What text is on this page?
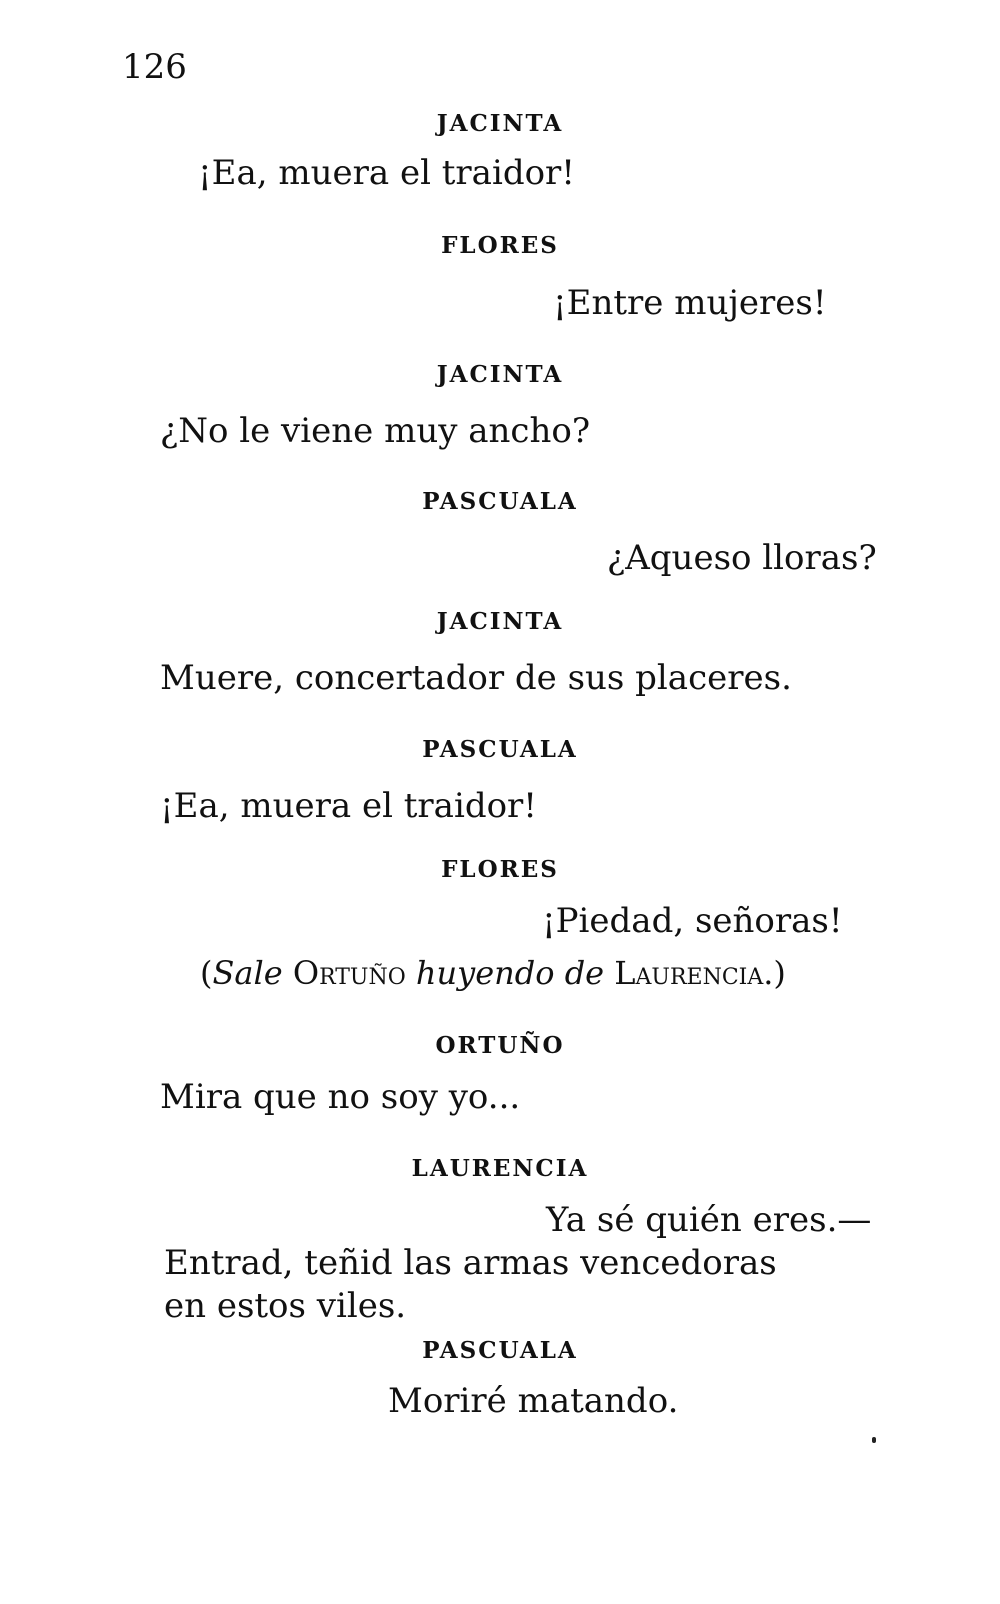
126
JACINTA
¡Ea, muera el traidor!
FLORES
¡Entre mujeres!
JACINTA
¿No le viene muy ancho?
PASCUALA
¿Aqueso lloras?
JACINTA
Muere, concertador de sus placeres.
PASCUALA
¡Ea, muera el traidor!
FLORES
¡Piedad, señoras!
(Sale Ortuño huyendo de Laurencia.)
ORTUÑO
Mira que no soy yo...
LAURENCIA
Ya sé quién eres.—
Entrad, teñid las armas vencedoras
en estos viles.
PASCUALA
Moriré matando.
